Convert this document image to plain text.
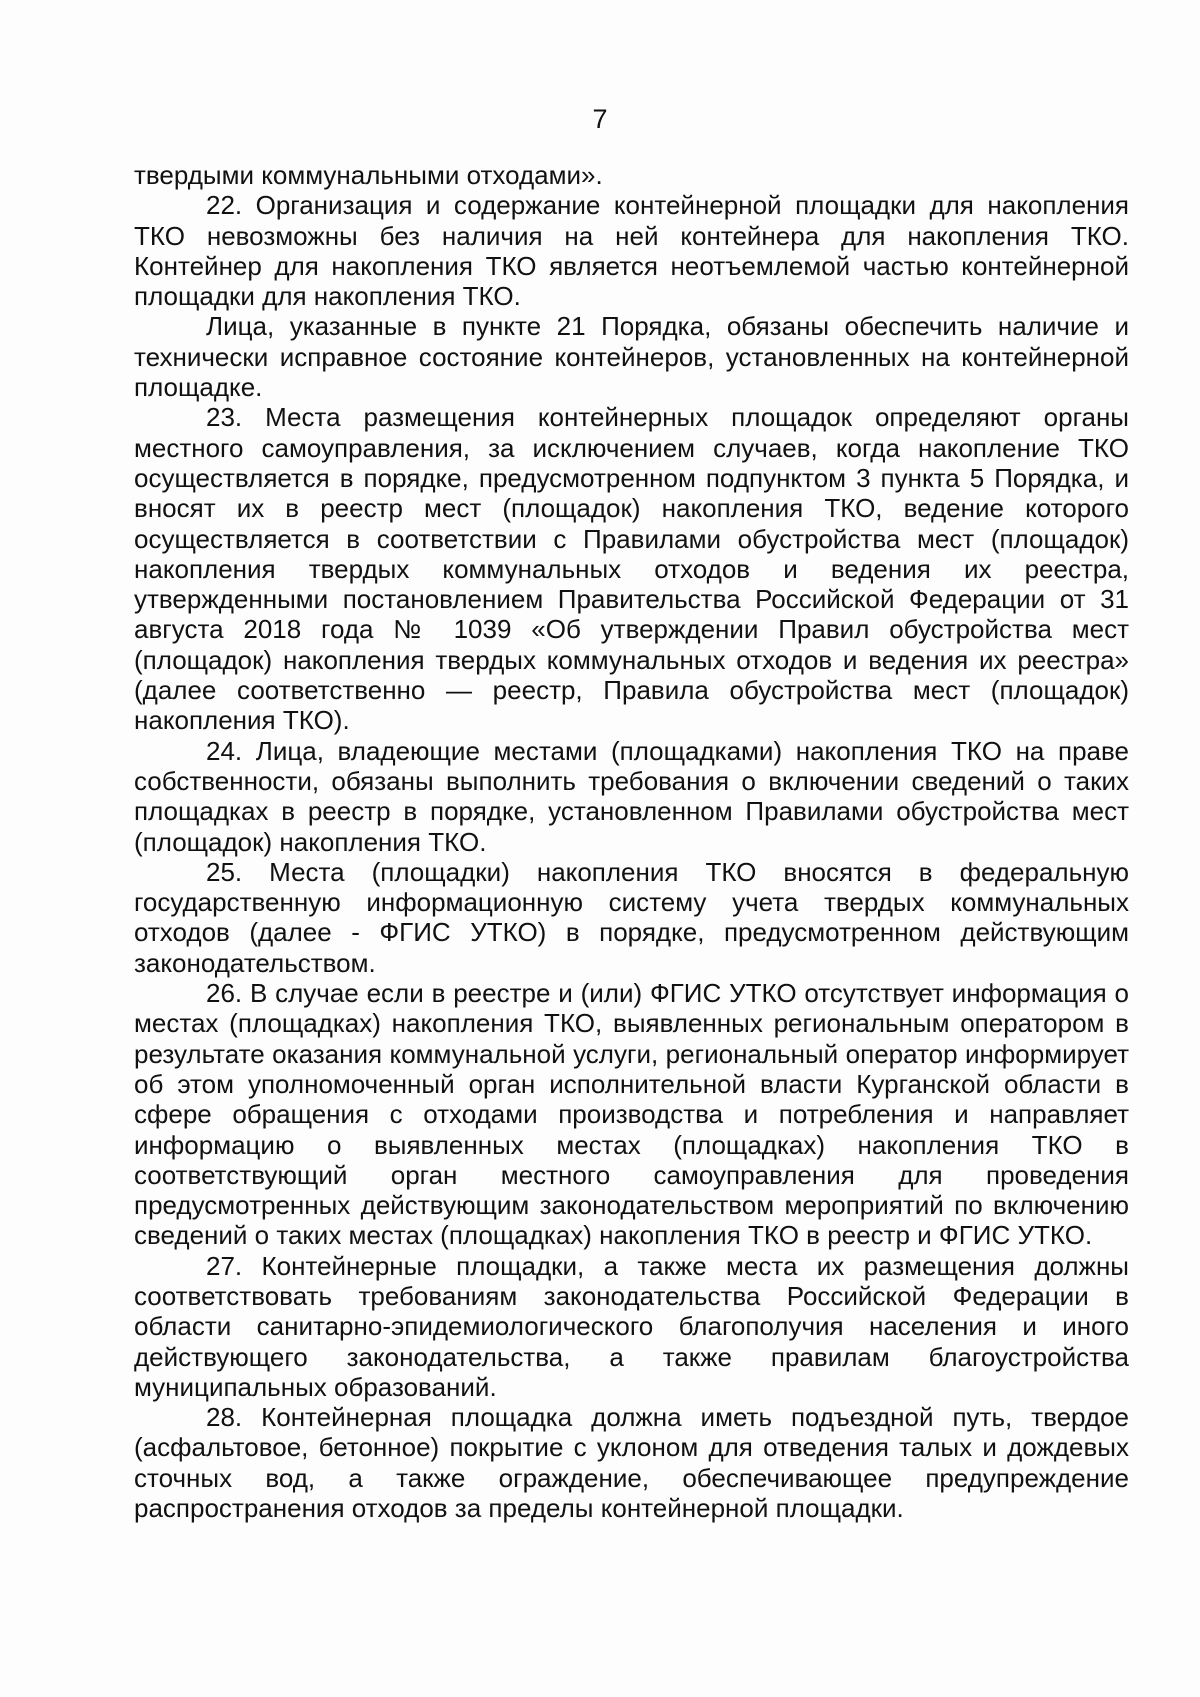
7

твердыми коммунальными отходами».

22. Организация и содержание контейнерной площадки для накопления ТКО невозможны без наличия на ней контейнера для накопления ТКО. Контейнер для накопления ТКО является неотъемлемой частью контейнерной площадки для накопления ТКО.

Лица, указанные в пункте 21 Порядка, обязаны обеспечить наличие и технически исправное состояние контейнеров, установленных на контейнерной площадке.

23. Места размещения контейнерных площадок определяют органы местного самоуправления, за исключением случаев, когда накопление ТКО осуществляется в порядке, предусмотренном подпунктом 3 пункта 5 Порядка, и вносят их в реестр мест (площадок) накопления ТКО, ведение которого осуществляется в соответствии с Правилами обустройства мест (площадок) накопления твердых коммунальных отходов и ведения их реестра, утвержденными постановлением Правительства Российской Федерации от 31 августа 2018 года № 1039 «Об утверждении Правил обустройства мест (площадок) накопления твердых коммунальных отходов и ведения их реестра» (далее соответственно — реестр, Правила обустройства мест (площадок) накопления ТКО).

24. Лица, владеющие местами (площадками) накопления ТКО на праве собственности, обязаны выполнить требования о включении сведений о таких площадках в реестр в порядке, установленном Правилами обустройства мест (площадок) накопления ТКО.

25. Места (площадки) накопления ТКО вносятся в федеральную государственную информационную систему учета твердых коммунальных отходов (далее - ФГИС УТКО) в порядке, предусмотренном действующим законодательством.

26. В случае если в реестре и (или) ФГИС УТКО отсутствует информация о местах (площадках) накопления ТКО, выявленных региональным оператором в результате оказания коммунальной услуги, региональный оператор информирует об этом уполномоченный орган исполнительной власти Курганской области в сфере обращения с отходами производства и потребления и направляет информацию о выявленных местах (площадках) накопления ТКО в соответствующий орган местного самоуправления для проведения предусмотренных действующим законодательством мероприятий по включению сведений о таких местах (площадках) накопления ТКО в реестр и ФГИС УТКО.

27. Контейнерные площадки, а также места их размещения должны соответствовать требованиям законодательства Российской Федерации в области санитарно-эпидемиологического благополучия населения и иного действующего законодательства, а также правилам благоустройства муниципальных образований.

28. Контейнерная площадка должна иметь подъездной путь, твердое (асфальтовое, бетонное) покрытие с уклоном для отведения талых и дождевых сточных вод, а также ограждение, обеспечивающее предупреждение распространения отходов за пределы контейнерной площадки.
